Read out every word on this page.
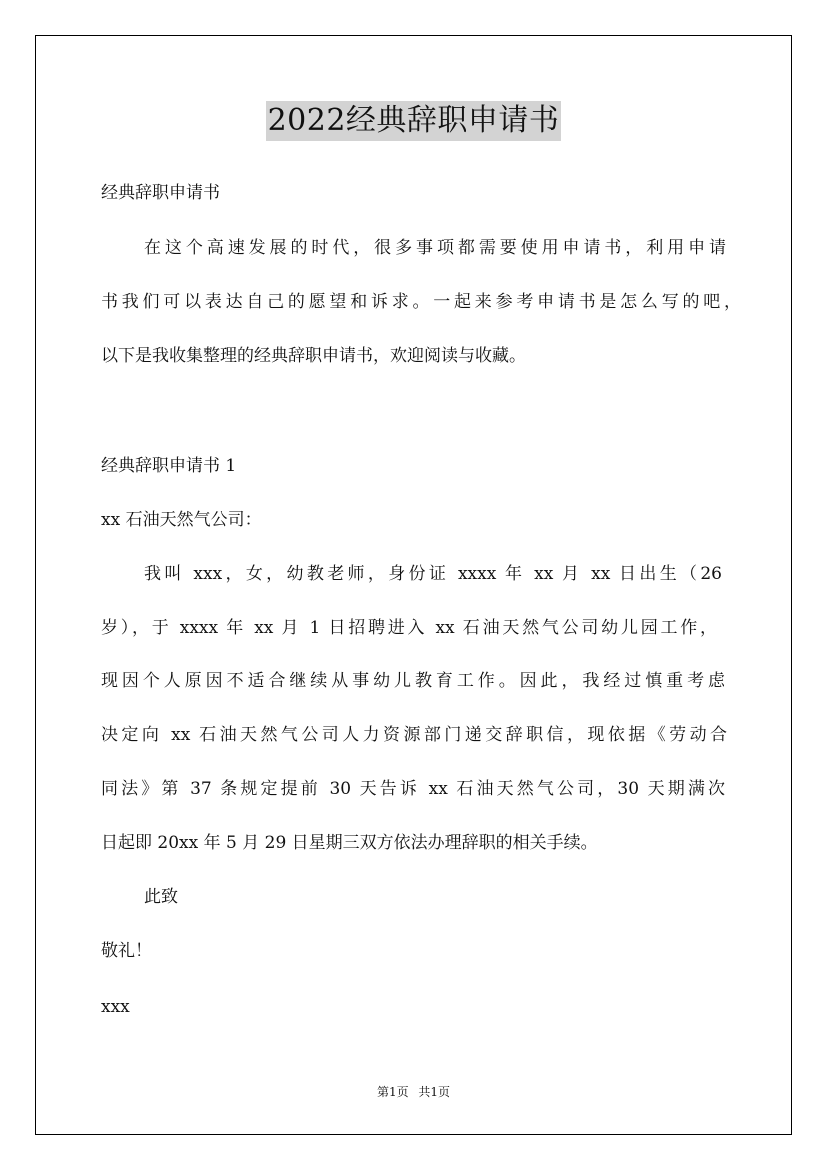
2022经典辞职申请书
经典辞职申请书
在这个高速发展的时代，很多事项都需要使用申请书，利用申请
书我们可以表达自己的愿望和诉求。一起来参考申请书是怎么写的吧，
以下是我收集整理的经典辞职申请书，欢迎阅读与收藏。
经典辞职申请书 1
xx 石油天然气公司：
我叫 xxx，女，幼教老师，身份证 xxxx 年 xx 月 xx 日出生（26
岁），于 xxxx 年 xx 月 1 日招聘进入 xx 石油天然气公司幼儿园工作，
现因个人原因不适合继续从事幼儿教育工作。因此，我经过慎重考虑
决定向 xx 石油天然气公司人力资源部门递交辞职信，现依据《劳动合
同法》第 37 条规定提前 30 天告诉 xx 石油天然气公司，30 天期满次
日起即 20xx 年 5 月 29 日星期三双方依法办理辞职的相关手续。
此致
敬礼！
xxx
第1页 共1页
